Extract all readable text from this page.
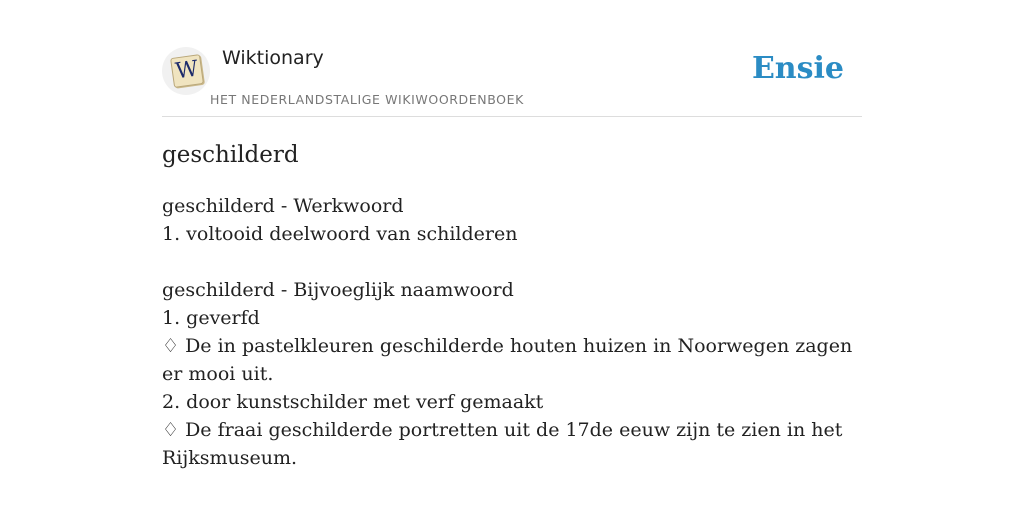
W Wiktionary
HET NEDERLANDSTALIGE WIKIWOORDENBOEK
Ensie
geschilderd
geschilderd - Werkwoord
1. voltooid deelwoord van schilderen
geschilderd - Bijvoeglijk naamwoord
1. geverfd
♢ De in pastelkleuren geschilderde houten huizen in Noorwegen zagen er mooi uit.
2. door kunstschilder met verf gemaakt
♢ De fraai geschilderde portretten uit de 17de eeuw zijn te zien in het Rijksmuseum.
